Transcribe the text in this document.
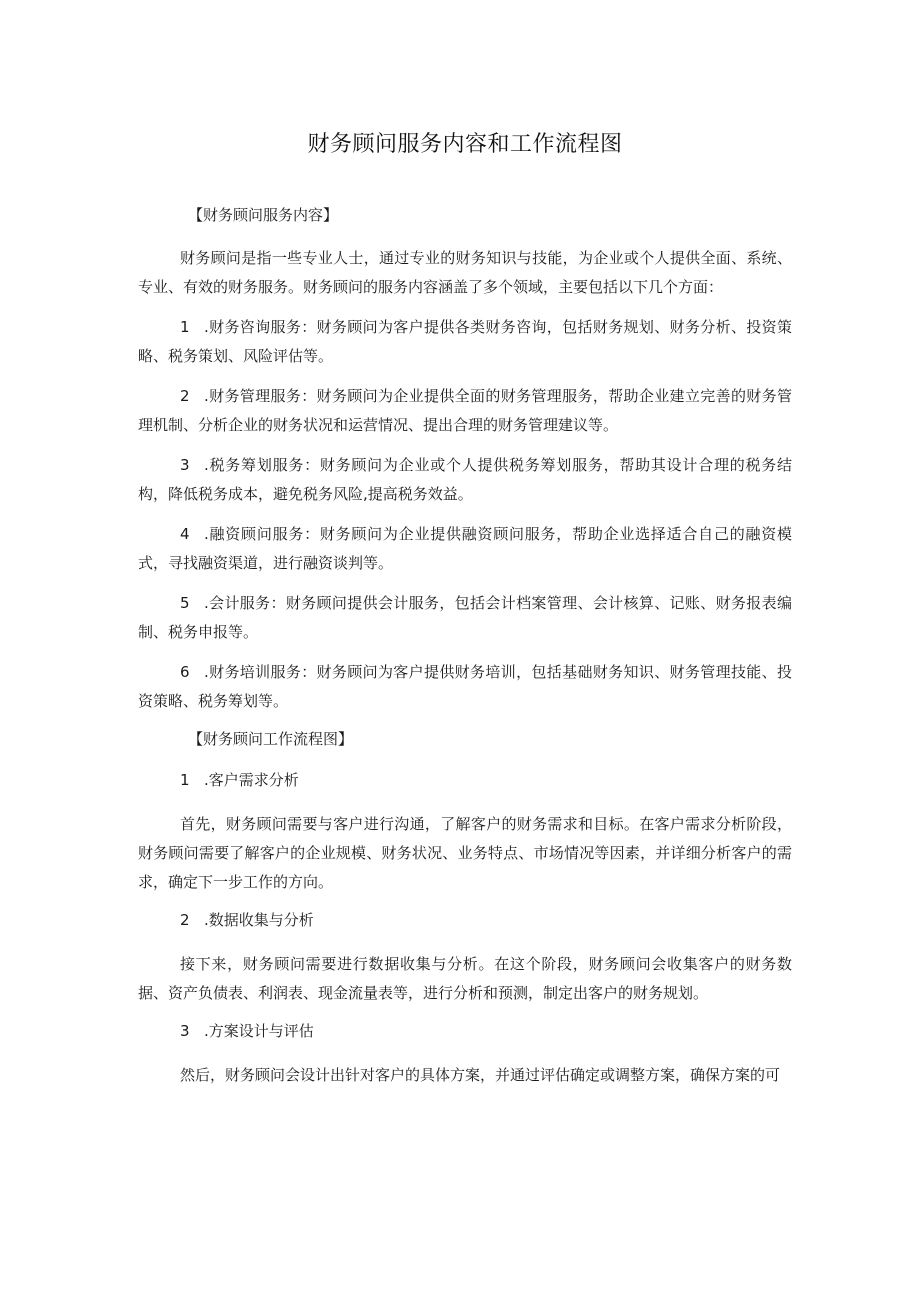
财务顾问服务内容和工作流程图
【财务顾问服务内容】

财务顾问是指一些专业人士，通过专业的财务知识与技能，为企业或个人提供全面、系统、专业、有效的财务服务。财务顾问的服务内容涵盖了多个领域，主要包括以下几个方面：

1 .财务咨询服务：财务顾问为客户提供各类财务咨询，包括财务规划、财务分析、投资策略、税务策划、风险评估等。

2 .财务管理服务：财务顾问为企业提供全面的财务管理服务，帮助企业建立完善的财务管理机制、分析企业的财务状况和运营情况、提出合理的财务管理建议等。

3 .税务筹划服务：财务顾问为企业或个人提供税务筹划服务，帮助其设计合理的税务结构，降低税务成本，避免税务风险,提高税务效益。

4 .融资顾问服务：财务顾问为企业提供融资顾问服务，帮助企业选择适合自己的融资模式，寻找融资渠道，进行融资谈判等。

5 .会计服务：财务顾问提供会计服务，包括会计档案管理、会计核算、记账、财务报表编制、税务申报等。

6 .财务培训服务：财务顾问为客户提供财务培训，包括基础财务知识、财务管理技能、投资策略、税务筹划等。

【财务顾问工作流程图】
1 .客户需求分析

首先，财务顾问需要与客户进行沟通，了解客户的财务需求和目标。在客户需求分析阶段，财务顾问需要了解客户的企业规模、财务状况、业务特点、市场情况等因素，并详细分析客户的需求，确定下一步工作的方向。

2 .数据收集与分析

接下来，财务顾问需要进行数据收集与分析。在这个阶段，财务顾问会收集客户的财务数据、资产负债表、利润表、现金流量表等，进行分析和预测，制定出客户的财务规划。

3 .方案设计与评估

然后，财务顾问会设计出针对客户的具体方案，并通过评估确定或调整方案，确保方案的可
